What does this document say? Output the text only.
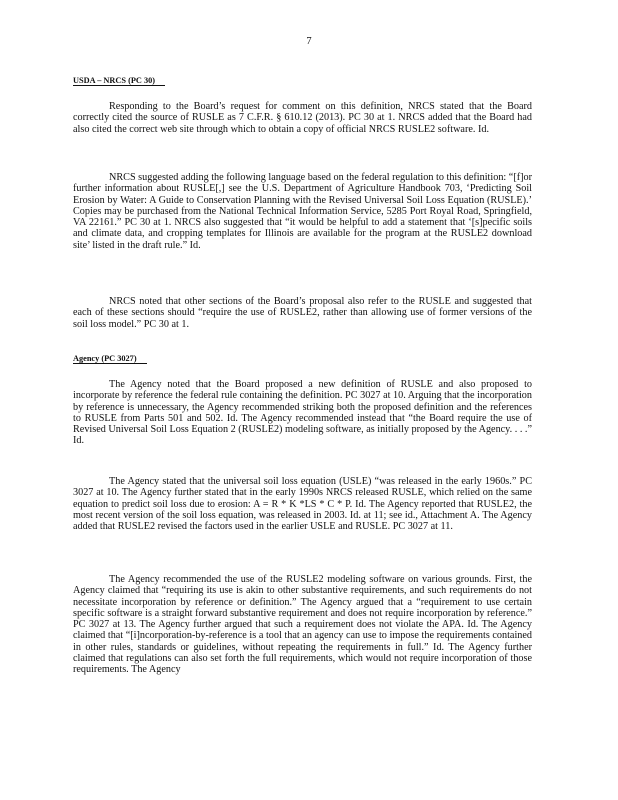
7
USDA – NRCS (PC 30)

Responding to the Board’s request for comment on this definition, NRCS stated that the Board correctly cited the source of RUSLE as 7 C.F.R. § 610.12 (2013). PC 30 at 1. NRCS added that the Board had also cited the correct web site through which to obtain a copy of official NRCS RUSLE2 software. Id.

NRCS suggested adding the following language based on the federal regulation to this definition: “[f]or further information about RUSLE[,] see the U.S. Department of Agriculture Handbook 703, ‘Predicting Soil Erosion by Water: A Guide to Conservation Planning with the Revised Universal Soil Loss Equation (RUSLE).’ Copies may be purchased from the National Technical Information Service, 5285 Port Royal Road, Springfield, VA 22161.” PC 30 at 1. NRCS also suggested that “it would be helpful to add a statement that ‘[s]pecific soils and climate data, and cropping templates for Illinois are available for the program at the RUSLE2 download site’ listed in the draft rule.” Id.

NRCS noted that other sections of the Board’s proposal also refer to the RUSLE and suggested that each of these sections should “require the use of RUSLE2, rather than allowing use of former versions of the soil loss model.” PC 30 at 1.

Agency (PC 3027)

The Agency noted that the Board proposed a new definition of RUSLE and also proposed to incorporate by reference the federal rule containing the definition. PC 3027 at 10. Arguing that the incorporation by reference is unnecessary, the Agency recommended striking both the proposed definition and the references to RUSLE from Parts 501 and 502. Id. The Agency recommended instead that “the Board require the use of Revised Universal Soil Loss Equation 2 (RUSLE2) modeling software, as initially proposed by the Agency. . . .” Id.

The Agency stated that the universal soil loss equation (USLE) “was released in the early 1960s.” PC 3027 at 10. The Agency further stated that in the early 1990s NRCS released RUSLE, which relied on the same equation to predict soil loss due to erosion: A = R * K *LS * C * P. Id. The Agency reported that RUSLE2, the most recent version of the soil loss equation, was released in 2003. Id. at 11; see id., Attachment A. The Agency added that RUSLE2 revised the factors used in the earlier USLE and RUSLE. PC 3027 at 11.

The Agency recommended the use of the RUSLE2 modeling software on various grounds. First, the Agency claimed that “requiring its use is akin to other substantive requirements, and such requirements do not necessitate incorporation by reference or definition.” The Agency argued that a “requirement to use certain specific software is a straight forward substantive requirement and does not require incorporation by reference.” PC 3027 at 13. The Agency further argued that such a requirement does not violate the APA. Id. The Agency claimed that “[i]ncorporation-by-reference is a tool that an agency can use to impose the requirements contained in other rules, standards or guidelines, without repeating the requirements in full.” Id. The Agency further claimed that regulations can also set forth the full requirements, which would not require incorporation of those requirements. The Agency
